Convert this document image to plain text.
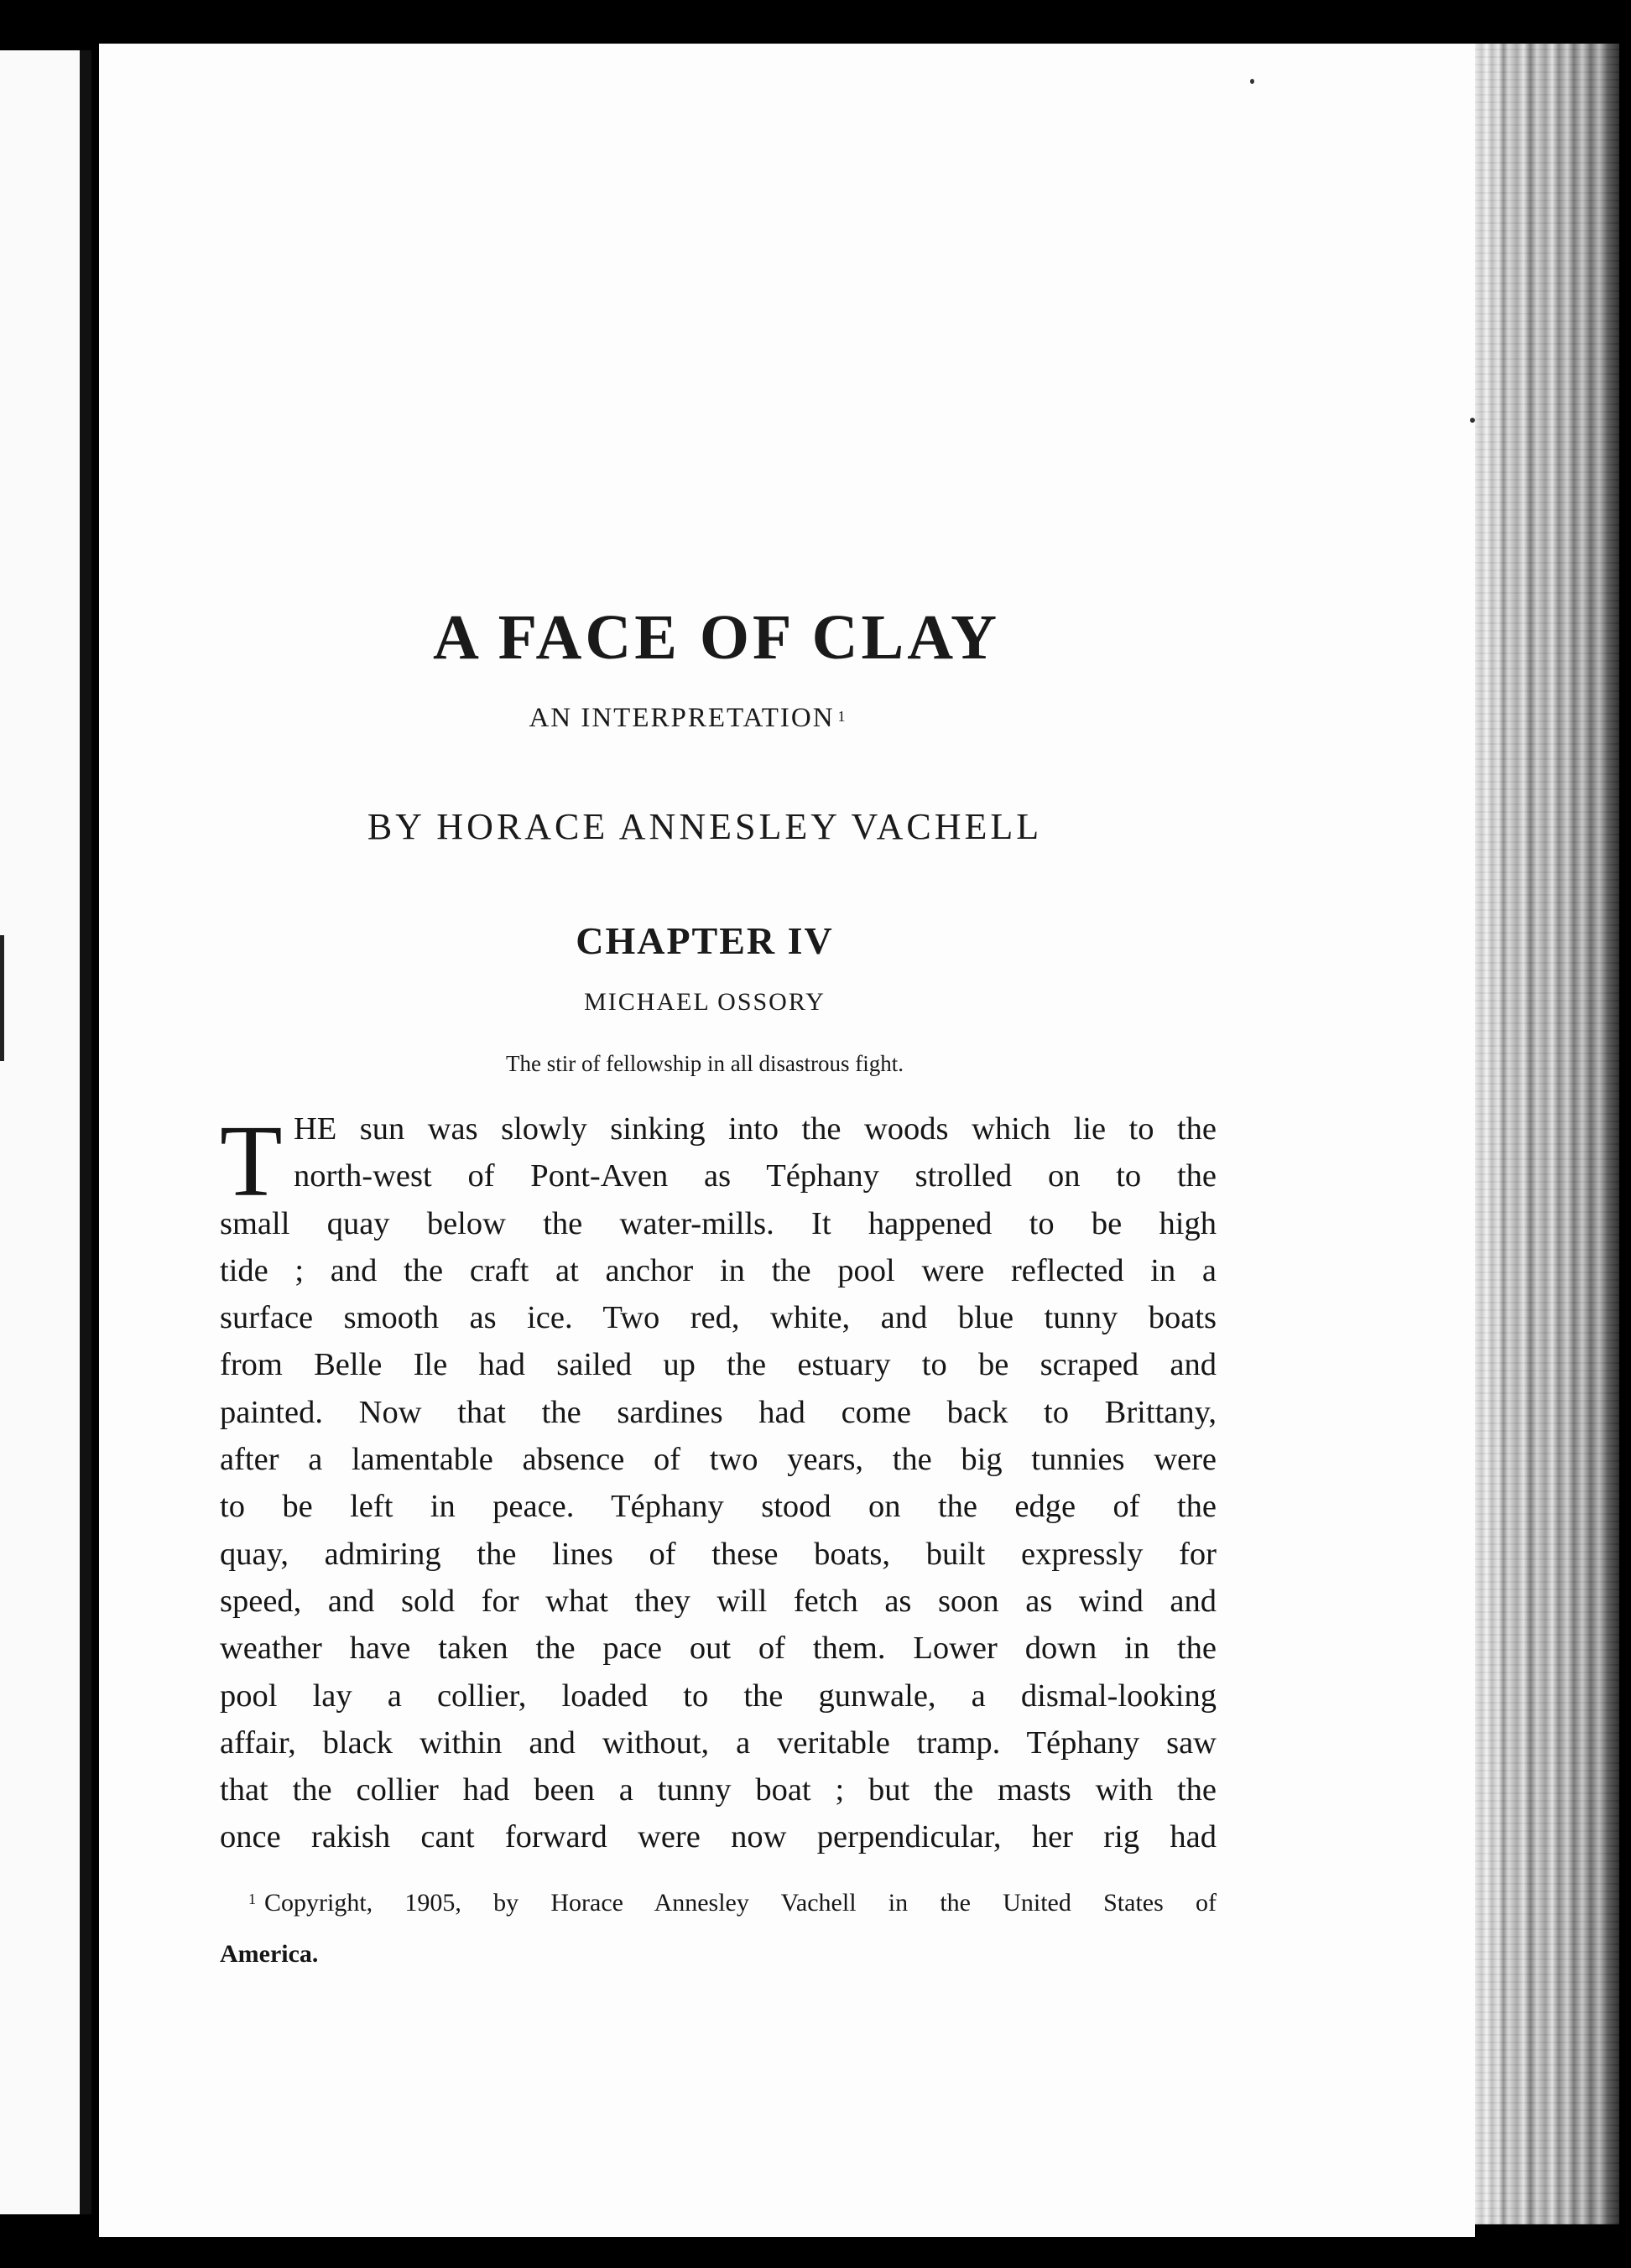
A FACE OF CLAY
AN INTERPRETATION $^1$
BY HORACE ANNESLEY VACHELL
CHAPTER IV
MICHAEL OSSORY
The stir of fellowship in all disastrous fight.
T HE sun was slowly sinking into the woods which lie to the
north-west of Pont-Aven as Téphany strolled on to the
small quay below the water-mills. It happened to be high
tide ; and the craft at anchor in the pool were reflected in a
surface smooth as ice. Two red, white, and blue tunny boats
from Belle Ile had sailed up the estuary to be scraped and
painted. Now that the sardines had come back to Brittany,
after a lamentable absence of two years, the big tunnies were
to be left in peace. Téphany stood on the edge of the
quay, admiring the lines of these boats, built expressly for
speed, and sold for what they will fetch as soon as wind and
weather have taken the pace out of them. Lower down in the
pool lay a collier, loaded to the gunwale, a dismal-looking
affair, black within and without, a veritable tramp. Téphany saw
that the collier had been a tunny boat ; but the masts with the
once rakish cant forward were now perpendicular, her rig had
$^1$ Copyright, 1905, by Horace Annesley Vachell in the United States of
America.
